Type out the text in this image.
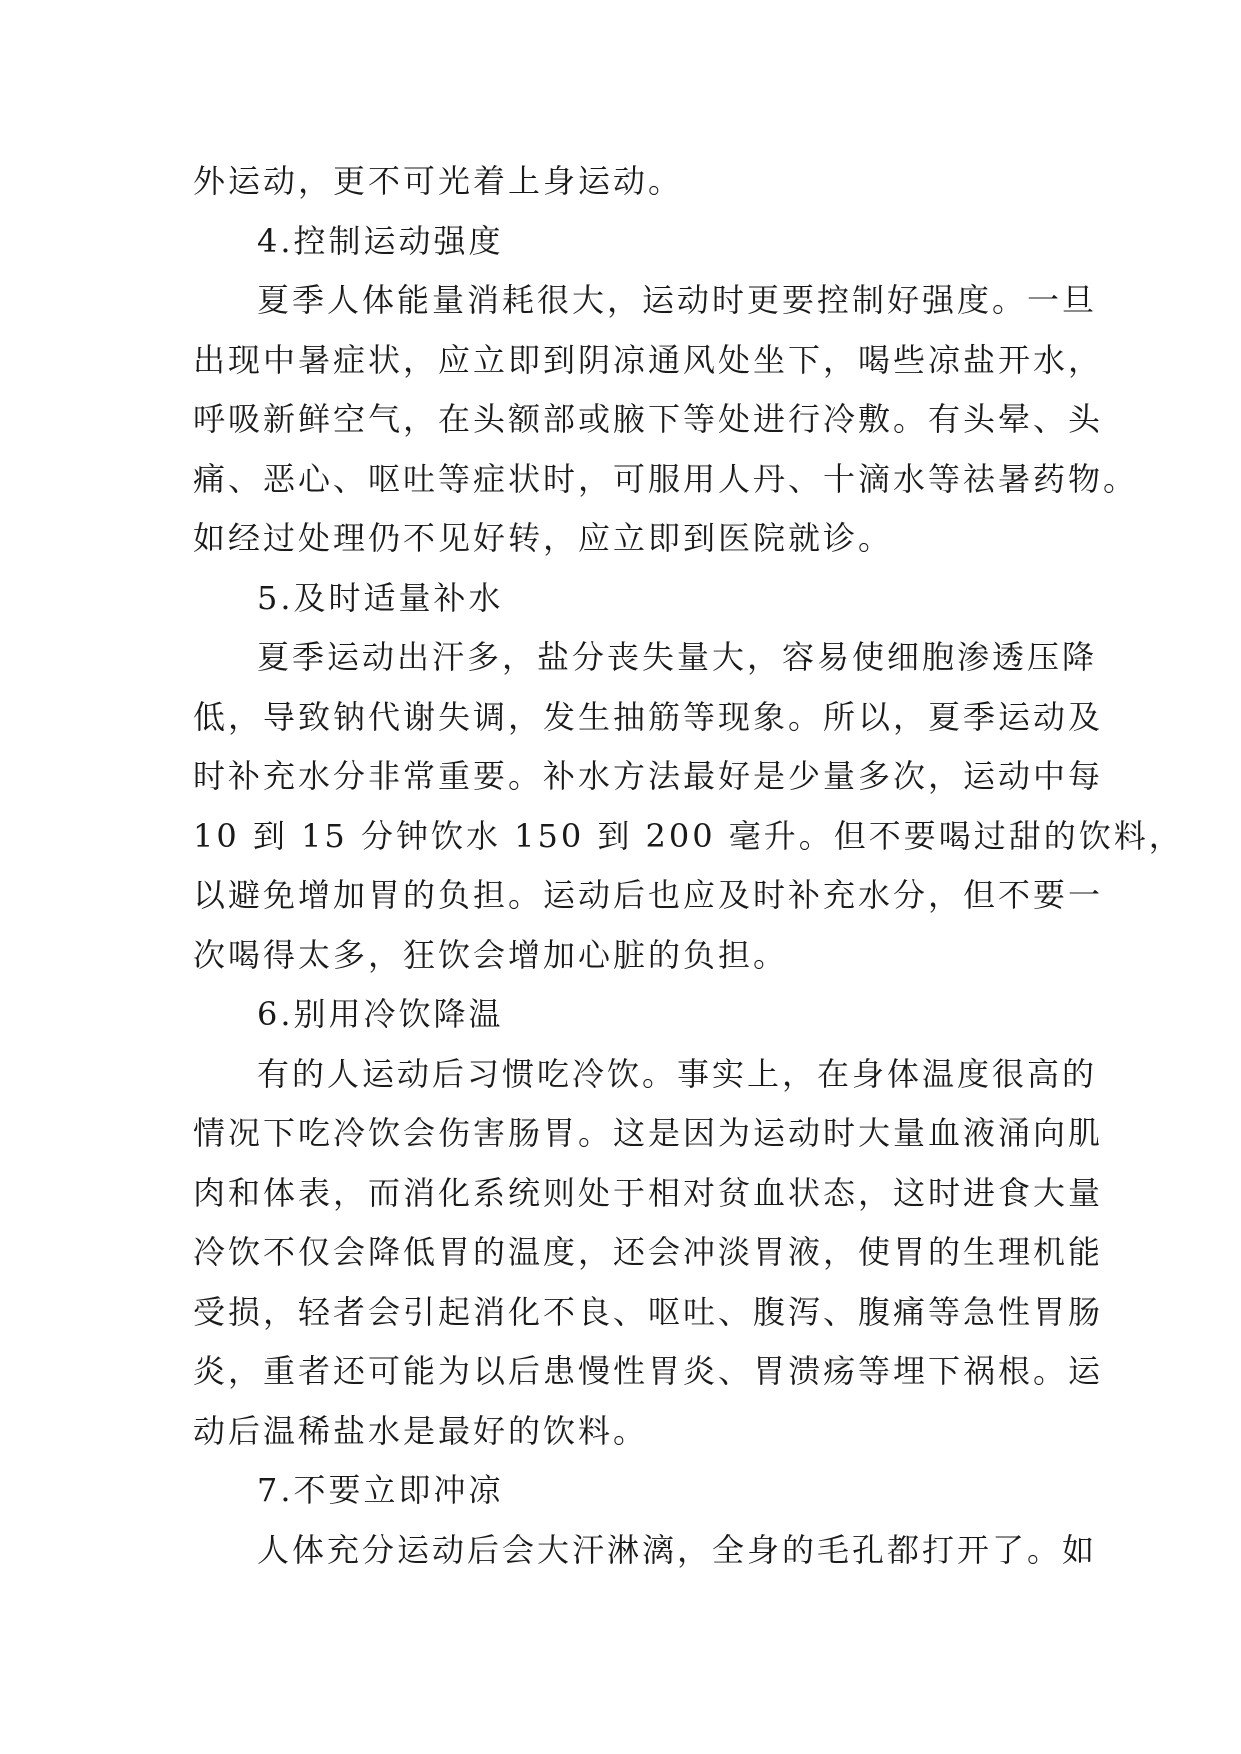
外运动，更不可光着上身运动。
4.控制运动强度
夏季人体能量消耗很大，运动时更要控制好强度。一旦
出现中暑症状，应立即到阴凉通风处坐下，喝些凉盐开水，
呼吸新鲜空气，在头额部或腋下等处进行冷敷。有头晕、头
痛、恶心、呕吐等症状时，可服用人丹、十滴水等祛暑药物。
如经过处理仍不见好转，应立即到医院就诊。
5.及时适量补水
夏季运动出汗多，盐分丧失量大，容易使细胞渗透压降
低，导致钠代谢失调，发生抽筋等现象。所以，夏季运动及
时补充水分非常重要。补水方法最好是少量多次，运动中每
10 到 15 分钟饮水 150 到 200 毫升。但不要喝过甜的饮料，
以避免增加胃的负担。运动后也应及时补充水分，但不要一
次喝得太多，狂饮会增加心脏的负担。
6.别用冷饮降温
有的人运动后习惯吃冷饮。事实上，在身体温度很高的
情况下吃冷饮会伤害肠胃。这是因为运动时大量血液涌向肌
肉和体表，而消化系统则处于相对贫血状态，这时进食大量
冷饮不仅会降低胃的温度，还会冲淡胃液，使胃的生理机能
受损，轻者会引起消化不良、呕吐、腹泻、腹痛等急性胃肠
炎，重者还可能为以后患慢性胃炎、胃溃疡等埋下祸根。运
动后温稀盐水是最好的饮料。
7.不要立即冲凉
人体充分运动后会大汗淋漓，全身的毛孔都打开了。如
